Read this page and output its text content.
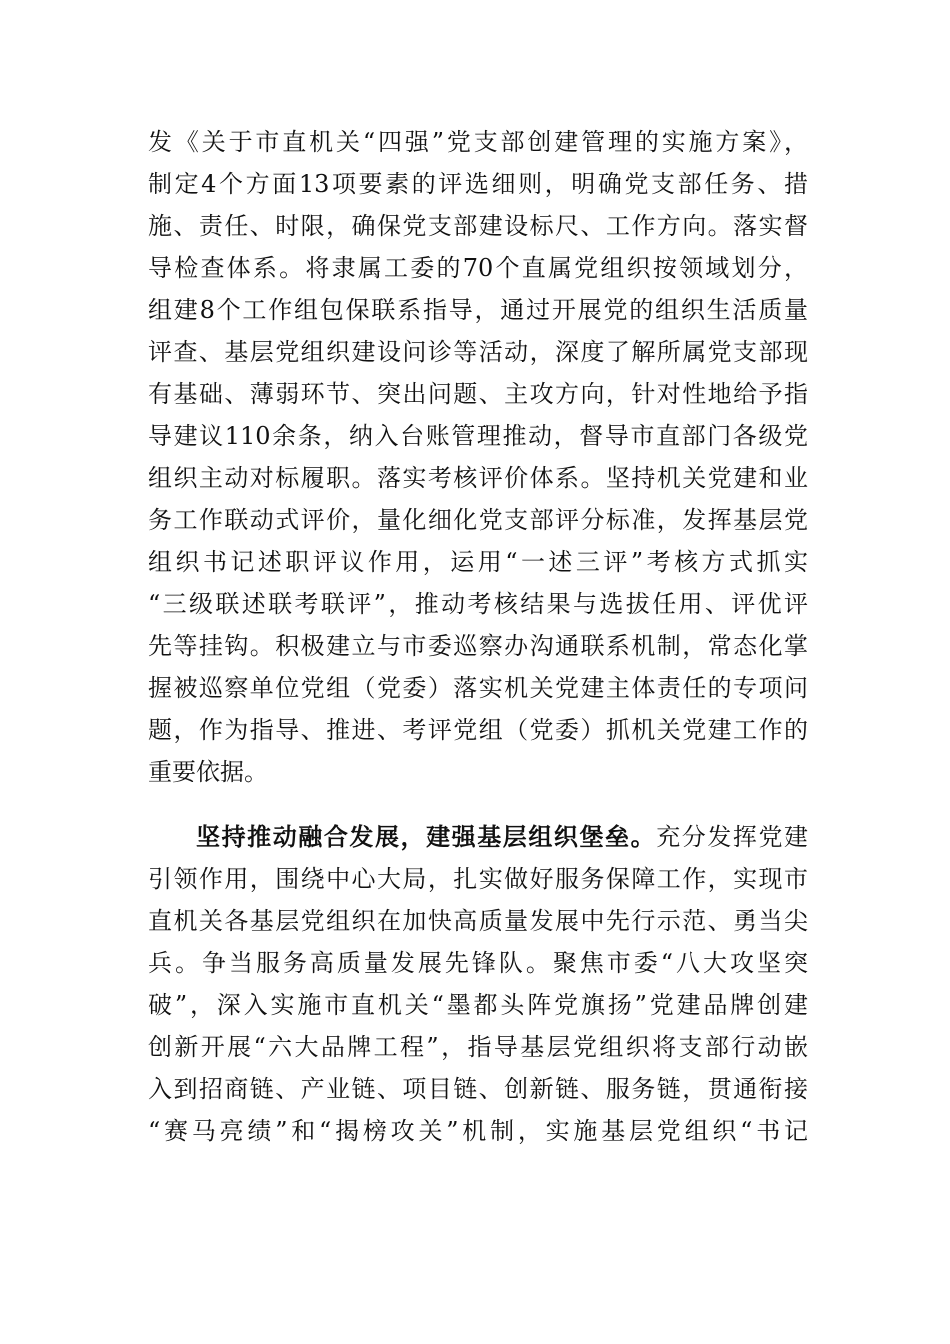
发《关于市直机关“四强”党支部创建管理的实施方案》，
制定4个方面13项要素的评选细则，明确党支部任务、措
施、责任、时限，确保党支部建设标尺、工作方向。落实督
导检查体系。将隶属工委的70个直属党组织按领域划分，
组建8个工作组包保联系指导，通过开展党的组织生活质量
评查、基层党组织建设问诊等活动，深度了解所属党支部现
有基础、薄弱环节、突出问题、主攻方向，针对性地给予指
导建议110余条，纳入台账管理推动，督导市直部门各级党
组织主动对标履职。落实考核评价体系。坚持机关党建和业
务工作联动式评价，量化细化党支部评分标准，发挥基层党
组织书记述职评议作用，运用“一述三评”考核方式抓实
“三级联述联考联评”，推动考核结果与选拔任用、评优评
先等挂钩。积极建立与市委巡察办沟通联系机制，常态化掌
握被巡察单位党组（党委）落实机关党建主体责任的专项问
题，作为指导、推进、考评党组（党委）抓机关党建工作的
重要依据。
坚持推动融合发展，建强基层组织堡垒。充分发挥党建
引领作用，围绕中心大局，扎实做好服务保障工作，实现市
直机关各基层党组织在加快高质量发展中先行示范、勇当尖
兵。争当服务高质量发展先锋队。聚焦市委“八大攻坚突
破”，深入实施市直机关“墨都头阵党旗扬”党建品牌创建
创新开展“六大品牌工程”，指导基层党组织将支部行动嵌
入到招商链、产业链、项目链、创新链、服务链，贯通衔接
“赛马亮绩”和“揭榜攻关”机制，实施基层党组织“书记
